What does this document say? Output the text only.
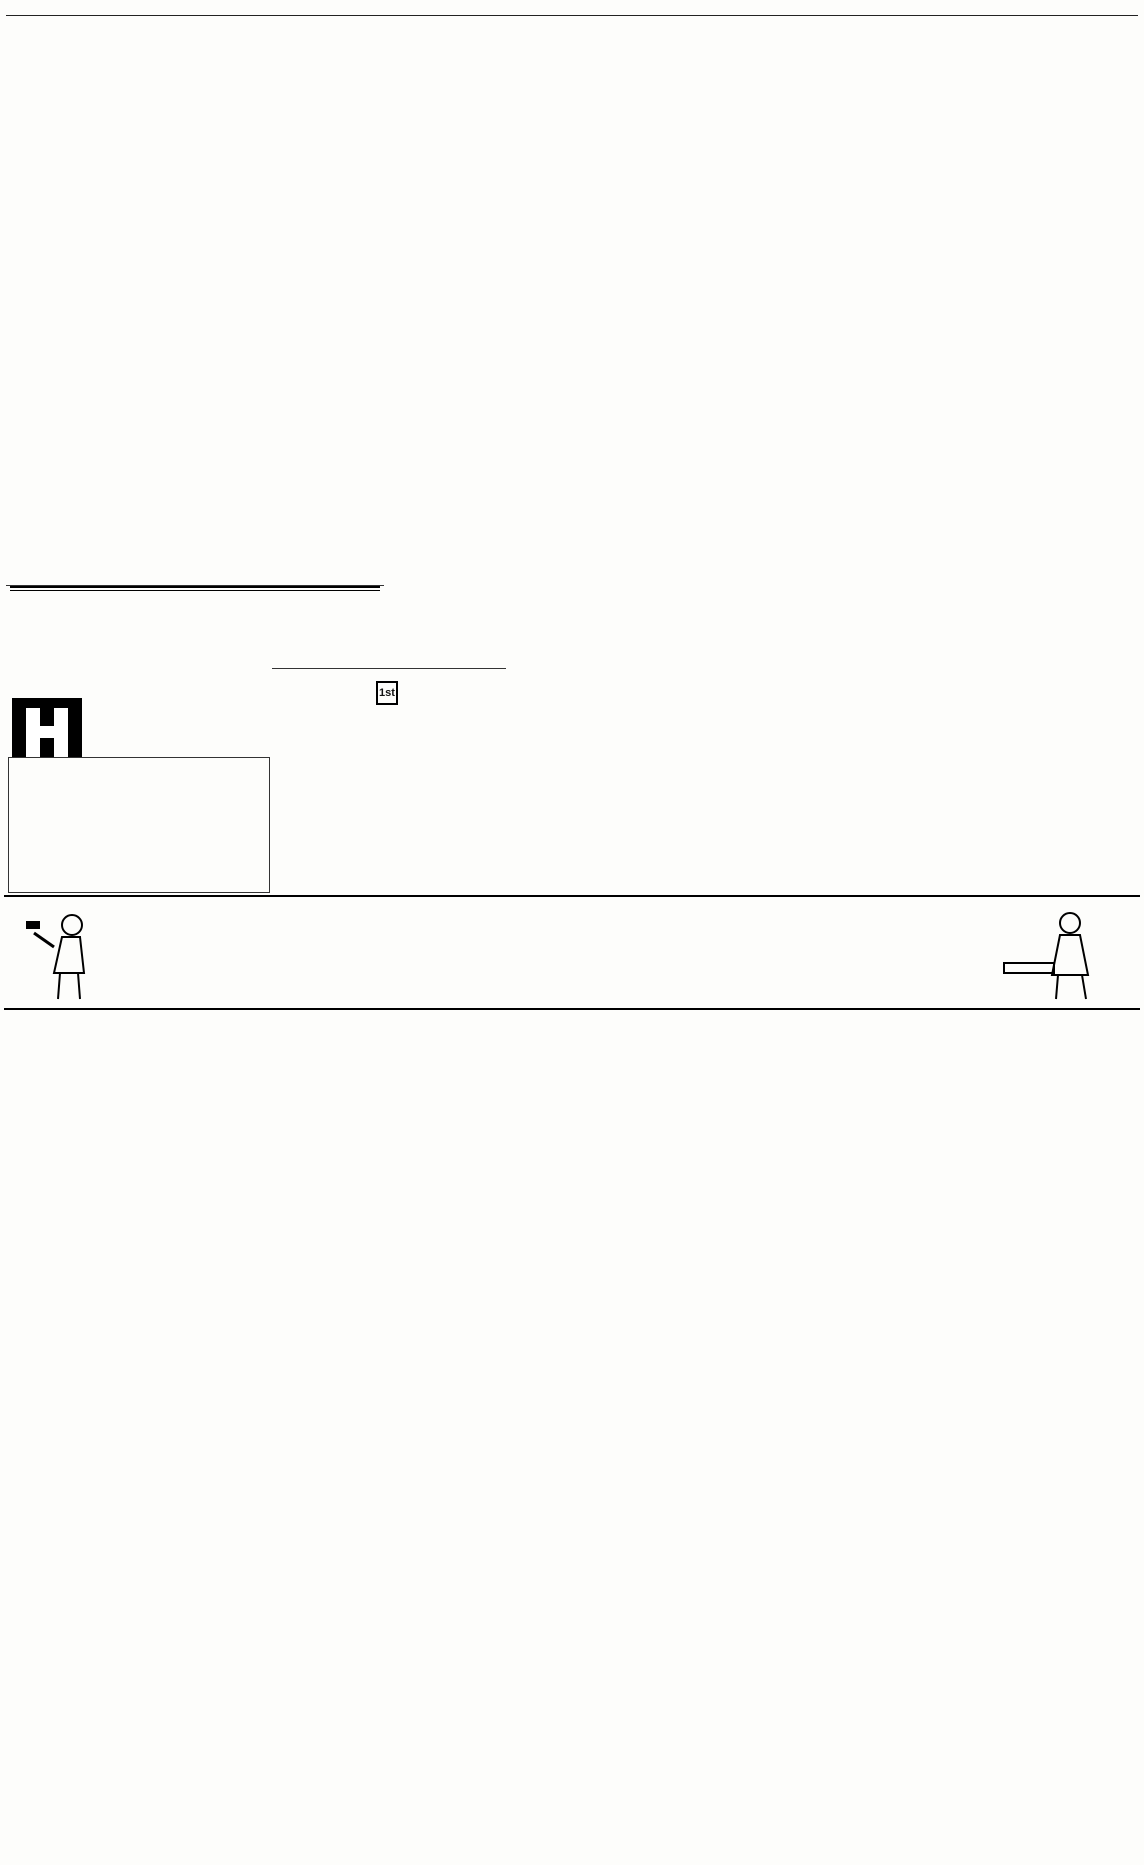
1st
